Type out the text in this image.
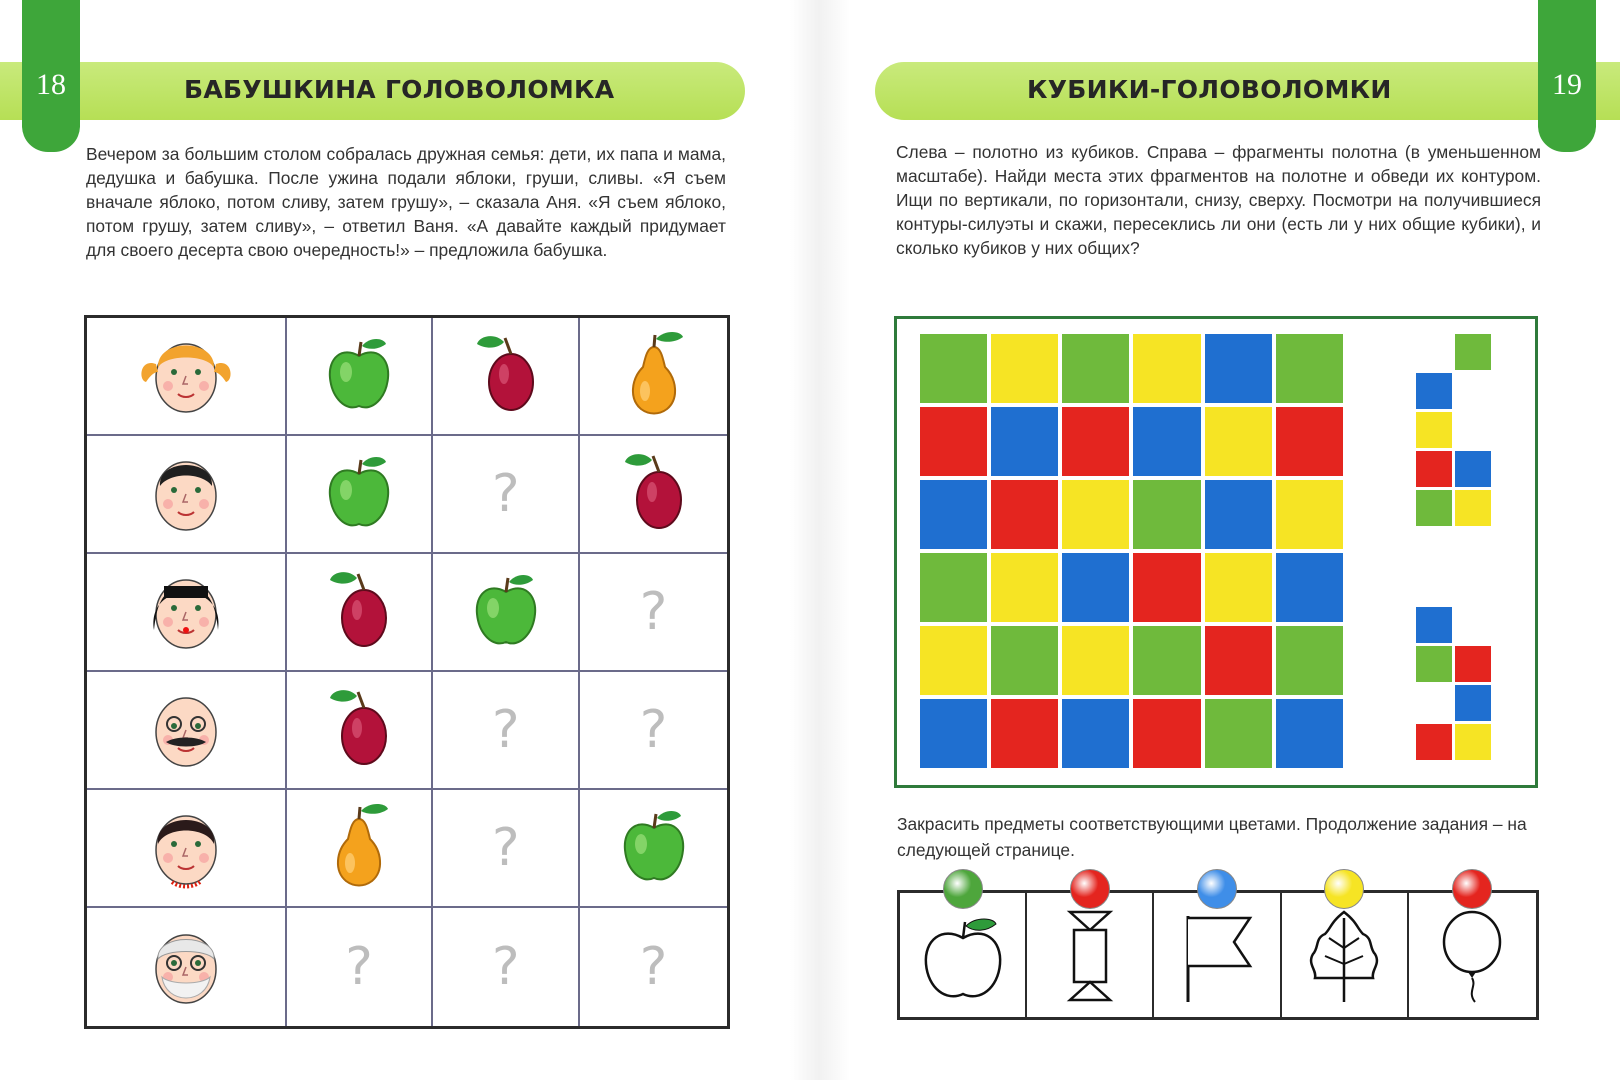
18	БАБУШКИНА ГОЛОВОЛОМКА	19
КУБИКИ-ГОЛОВОЛОМКИ

Вечером за большим столом собралась дружная семья: дети, их папа и мама, дедушка и бабушка. После ужина подали яблоки, груши, сливы. «Я съем вначале яблоко, потом сливу, затем грушу», – сказала Аня. «Я съем яблоко, потом грушу, затем сливу», – ответил Ваня. «А давайте каждый придумает для своего десерта свою очередность!» – предложила бабушка.

Слева – полотно из кубиков. Справа – фрагменты полотна (в уменьшенном масштабе). Найди места этих фрагментов на полотне и обведи их контуром. Ищи по вертикали, по горизонтали, снизу, сверху. Посмотри на получившиеся контуры-силуэты и скажи, пересеклись ли они (есть ли у них общие кубики), и сколько кубиков у них общих?

?
?
? ?
?
? ? ?

Закрасить предметы соответствующими цветами. Продолжение задания – на следующей странице.
